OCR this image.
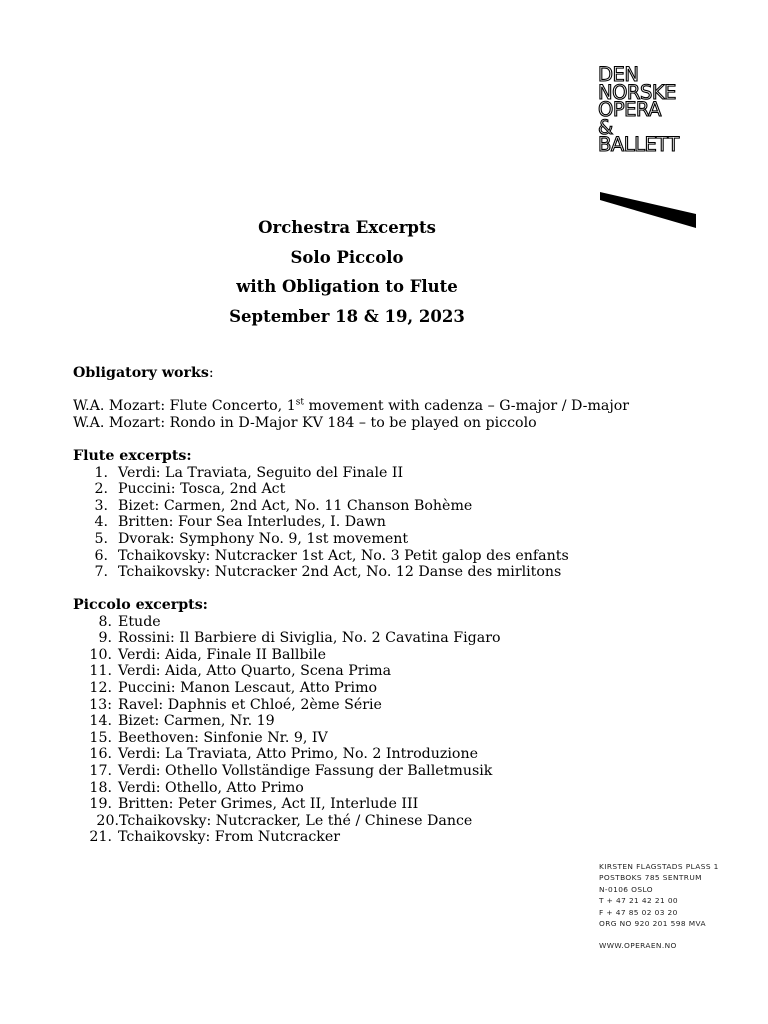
DEN
NORSKE
OPERA
&
BALLETT
Orchestra Excerpts
Solo Piccolo
with Obligation to Flute
September 18 & 19, 2023
Obligatory works:
W.A. Mozart: Flute Concerto, 1st movement with cadenza – G-major / D-major
W.A. Mozart: Rondo in D-Major KV 184 – to be played on piccolo
Flute excerpts:
1. Verdi: La Traviata, Seguito del Finale II
2. Puccini: Tosca, 2nd Act
3. Bizet: Carmen, 2nd Act, No. 11 Chanson Bohème
4. Britten: Four Sea Interludes, I. Dawn
5. Dvorak: Symphony No. 9, 1st movement
6. Tchaikovsky: Nutcracker 1st Act, No. 3 Petit galop des enfants
7. Tchaikovsky: Nutcracker 2nd Act, No. 12 Danse des mirlitons
Piccolo excerpts:
8. Etude
9. Rossini: Il Barbiere di Siviglia, No. 2 Cavatina Figaro
10. Verdi: Aida, Finale II Ballbile
11. Verdi: Aida, Atto Quarto, Scena Prima
12. Puccini: Manon Lescaut, Atto Primo
13: Ravel: Daphnis et Chloé, 2ème Série
14. Bizet: Carmen, Nr. 19
15. Beethoven: Sinfonie Nr. 9, IV
16. Verdi: La Traviata, Atto Primo, No. 2 Introduzione
17. Verdi: Othello Vollständige Fassung der Balletmusik
18. Verdi: Othello, Atto Primo
19. Britten: Peter Grimes, Act II, Interlude III
20. Tchaikovsky: Nutcracker, Le thé / Chinese Dance
21. Tchaikovsky: From Nutcracker
KIRSTEN FLAGSTADS PLASS 1
POSTBOKS 785 SENTRUM
N-0106 OSLO
T + 47 21 42 21 00
F + 47 85 02 03 20
ORG NO 920 201 598 MVA
WWW.OPERAEN.NO
